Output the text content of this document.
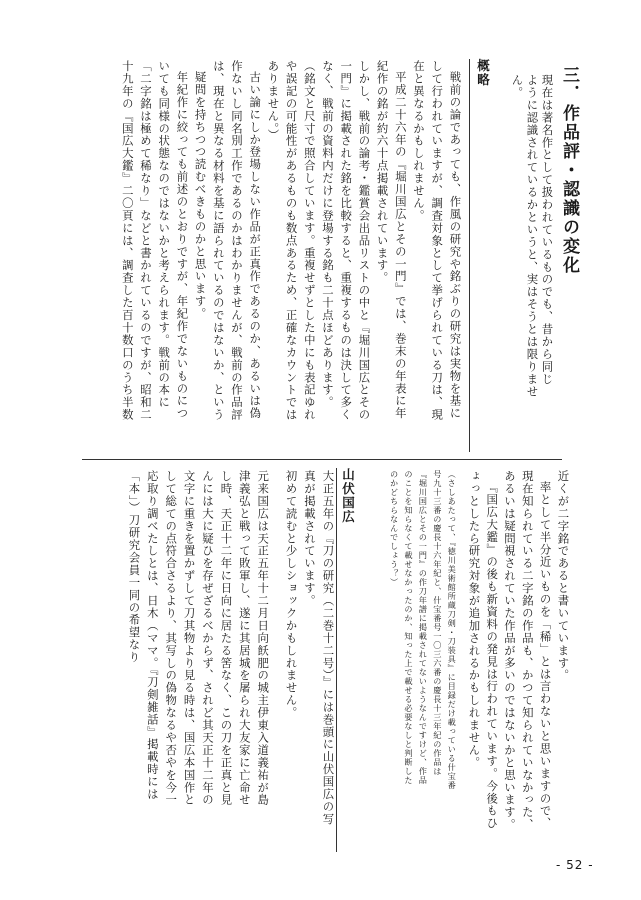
三．作品評・認識の変化
現在は著名作として扱われているものでも、昔から同じ
ように認識されているかというと、実はそうとは限りませ
ん。
概略
戦前の論であっても、作風の研究や銘ぶりの研究は実物を基に
して行われていますが、調査対象として挙げられている刀は、現
在と異なるかもしれません。
平成二十六年の『堀川国広とその一門』では、巻末の年表に年
紀作の銘が約六十点掲載されています。
しかし、戦前の論考・鑑賞会出品リストの中と『堀川国広とその
一門』に掲載された銘を比較すると、重複するものは決して多く
なく、戦前の資料内だけに登場する銘も二十点ほどあります。
（銘文と尺寸で照合しています。重複せずとした中にも表記ゆれ
や誤記の可能性があるものも数点あるため、正確なカウントでは
ありません。）
古い論にしか登場しない作品が正真作であるのか、あるいは偽
作ないし同名別工作であるのかはわかりませんが、戦前の作品評
は、現在と異なる材料を基に語られているのではないか、という
疑問を持ちつつ読むべきものかと思います。
年紀作に絞っても前述のとおりですが、年紀作でないものにつ
いても同様の状態なのではないかと考えられます。戦前の本に
「二字銘は極めて稀なり」などと書かれているのですが、昭和二
十九年の『国広大鑑』二〇頁には、調査した百十数口のうち半数
近くが二字銘であると書いています。
率として半分近いものを「稀」とは言わないと思いますので、
現在知られている二字銘の作品も、かつて知られていなかった、
あるいは疑問視されていた作品が多いのではないかと思います。
『国広大鑑』の後も新資料の発見は行われています。今後もひ
ょっとしたら研究対象が追加されるかもしれません。
（さしあたって、『徳川美術館所蔵刀剣・刀装具』に目録だけ載っている什宝番
号九十三番の慶長十六年紀と、什宝番号一〇三六番の慶長十三年紀の作品は
『堀川国広とその一門』の作刀年譜に掲載されてないようなんですけど、作品
のことを知らなくて載せなかったのか、知った上で載せる必要なしと判断した
のかどちらなんでしょう？）
山伏国広
大正五年の『刀の研究（二巻十二号）』には巻頭に山伏国広の写
真が掲載されています。
初めて読むと少しショックかもしれません。
元来国広は天正五年十二月日向飫肥の城主伊東入道義祐が島
津義弘と戦って敗軍し、遂に其居城を屠られ大友家に亡命せ
し時、天正十二年に日向に居たる筈なく、この刀を正真と見
んには大に疑ひを存ぜざるべからず、されど其天正十二年の
文字に重きを置かずして刀其物より見る時は、国広本国作と
して総ての点符合さるより、其写しの偽物なるや否やを今一
応取り調べたしとは、日木（ママ。『刀剣雑話』掲載時には
「本」）刀研究会員一同の希望なり
- 52 -
